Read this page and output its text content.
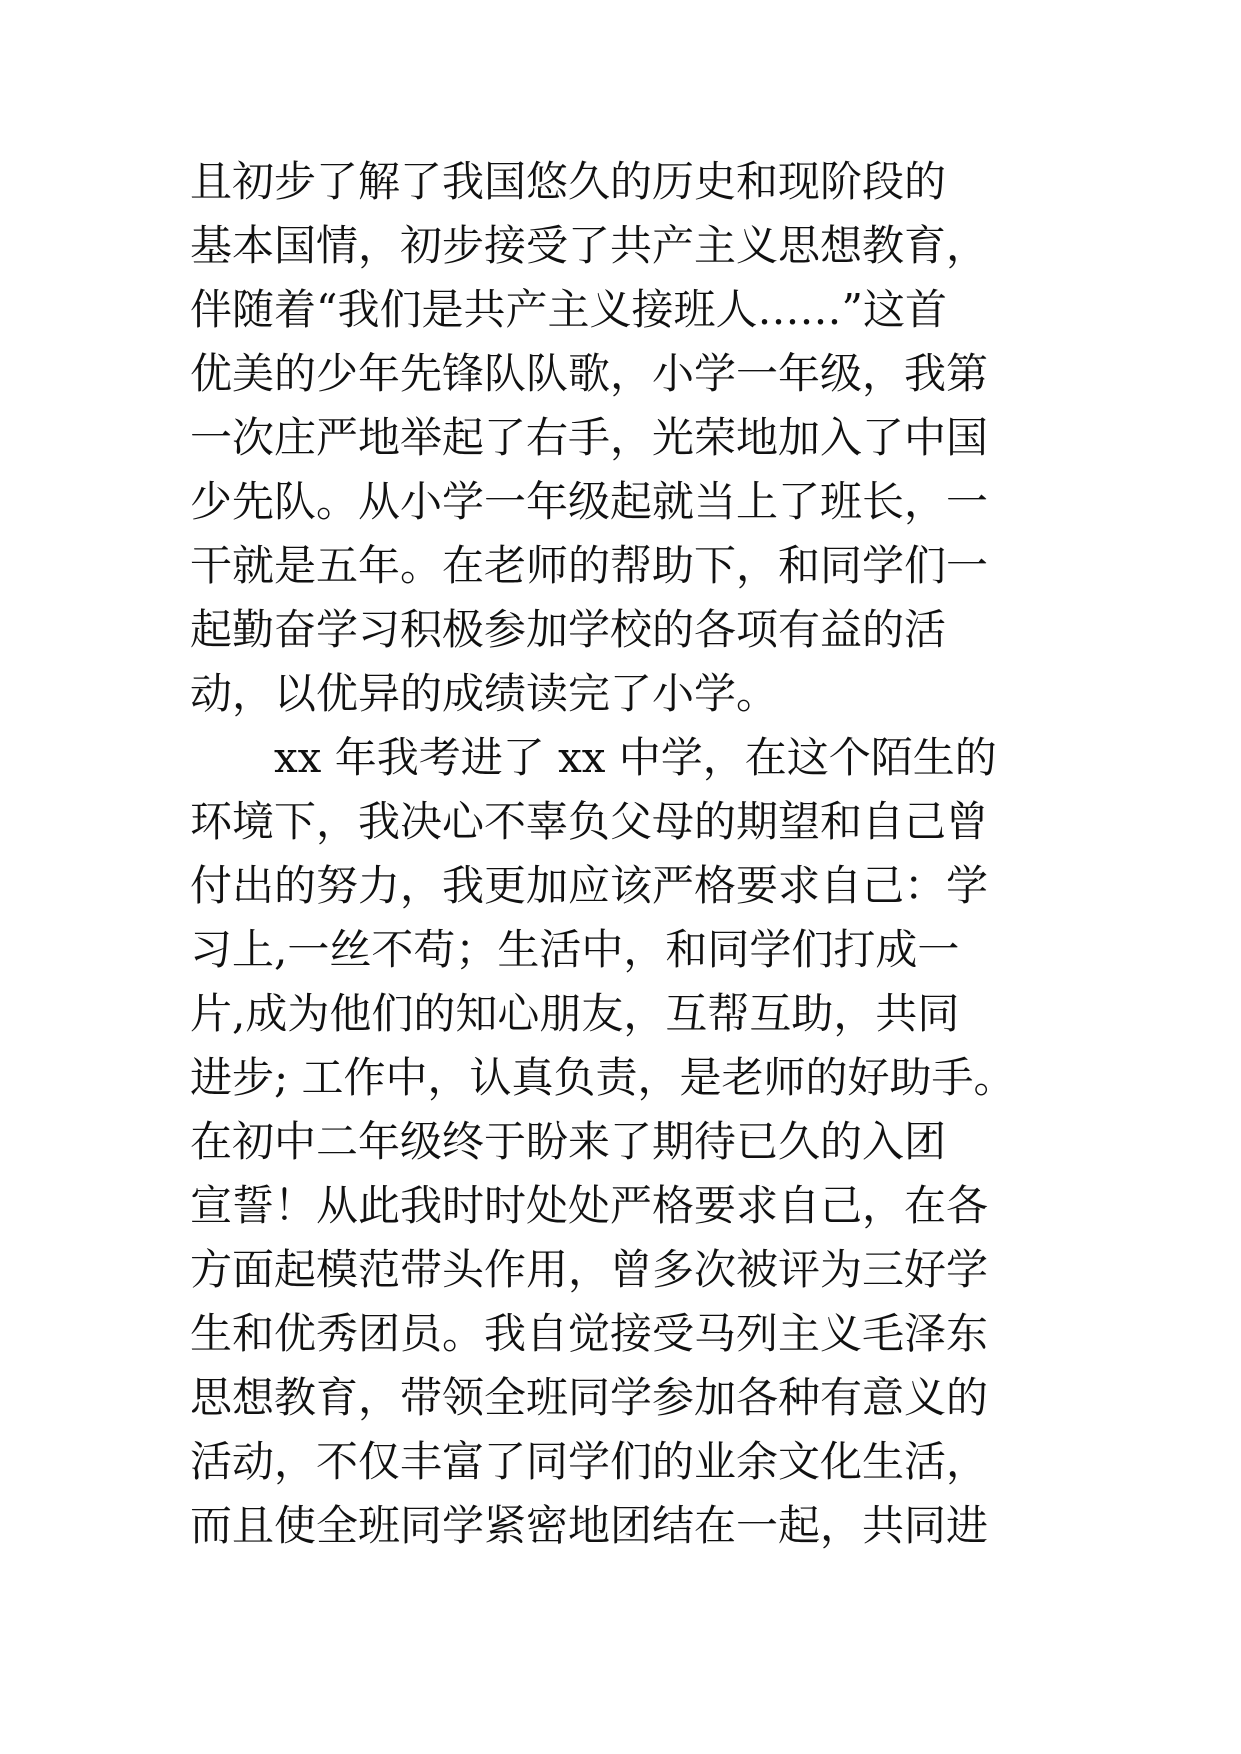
且初步了解了我国悠久的历史和现阶段的
基本国情，初步接受了共产主义思想教育，
伴随着“我们是共产主义接班人……”这首
优美的少年先锋队队歌，小学一年级，我第
一次庄严地举起了右手，光荣地加入了中国
少先队。从小学一年级起就当上了班长，一
干就是五年。在老师的帮助下，和同学们一
起勤奋学习积极参加学校的各项有益的活
动，以优异的成绩读完了小学。
xx 年我考进了 xx 中学，在这个陌生的
环境下，我决心不辜负父母的期望和自己曾
付出的努力，我更加应该严格要求自己：学
习上,一丝不苟；生活中，和同学们打成一
片,成为他们的知心朋友，互帮互助，共同
进步; 工作中，认真负责，是老师的好助手。
在初中二年级终于盼来了期待已久的入团
宣誓！从此我时时处处严格要求自己，在各
方面起模范带头作用，曾多次被评为三好学
生和优秀团员。我自觉接受马列主义毛泽东
思想教育，带领全班同学参加各种有意义的
活动，不仅丰富了同学们的业余文化生活，
而且使全班同学紧密地团结在一起，共同进
